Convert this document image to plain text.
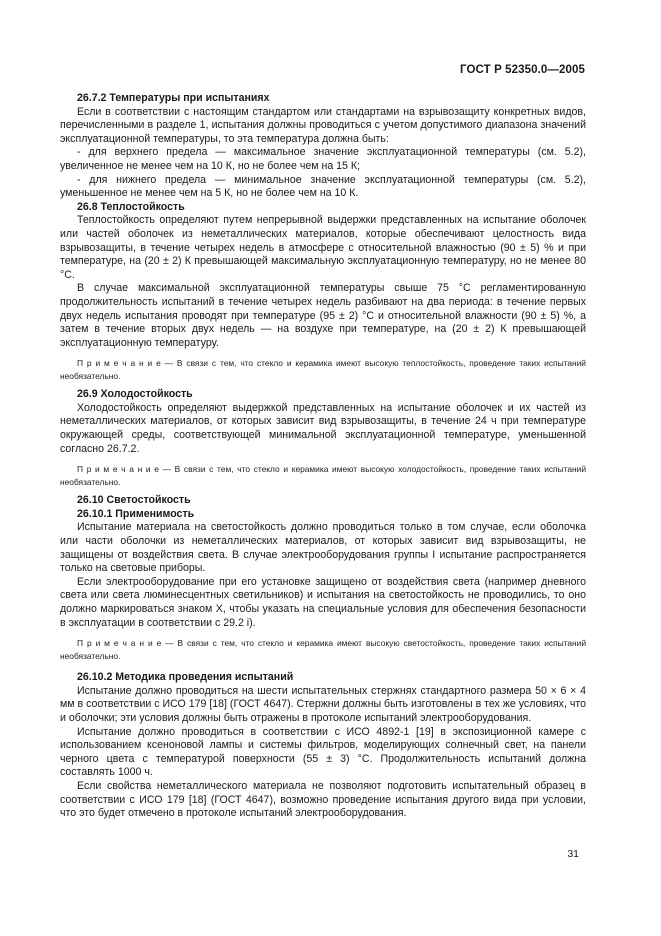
ГОСТ Р 52350.0—2005

26.7.2 Температуры при испытаниях

Если в соответствии с настоящим стандартом или стандартами на взрывозащиту конкретных видов, перечисленными в разделе 1, испытания должны проводиться с учетом допустимого диапазона значений эксплуатационной температуры, то эта температура должна быть:

- для верхнего предела — максимальное значение эксплуатационной температуры (см. 5.2), увеличенное не менее чем на 10 К, но не более чем на 15 К;

- для нижнего предела — минимальное значение эксплуатационной температуры (см. 5.2), уменьшенное не менее чем на 5 К, но не более чем на 10 К.

26.8 Теплостойкость

Теплостойкость определяют путем непрерывной выдержки представленных на испытание оболочек или частей оболочек из неметаллических материалов, которые обеспечивают целостность вида взрывозащиты, в течение четырех недель в атмосфере с относительной влажностью (90 ± 5) % и при температуре, на (20 ± 2) К превышающей максимальную эксплуатационную температуру, но не менее 80 °С.

В случае максимальной эксплуатационной температуры свыше 75 °С регламентированную продолжительность испытаний в течение четырех недель разбивают на два периода: в течение первых двух недель испытания проводят при температуре (95 ± 2) °С и относительной влажности (90 ± 5) %, а затем в течение вторых двух недель — на воздухе при температуре, на (20 ± 2) К превышающей эксплуатационную температуру.

П р и м е ч а н и е — В связи с тем, что стекло и керамика имеют высокую теплостойкость, проведение таких испытаний необязательно.

26.9 Холодостойкость

Холодостойкость определяют выдержкой представленных на испытание оболочек и их частей из неметаллических материалов, от которых зависит вид взрывозащиты, в течение 24 ч при температуре окружающей среды, соответствующей минимальной эксплуатационной температуре, уменьшенной согласно 26.7.2.

П р и м е ч а н и е — В связи с тем, что стекло и керамика имеют высокую холодостойкость, проведение таких испытаний необязательно.

26.10 Светостойкость

26.10.1 Применимость

Испытание материала на светостойкость должно проводиться только в том случае, если оболочка или части оболочки из неметаллических материалов, от которых зависит вид взрывозащиты, не защищены от воздействия света. В случае электрооборудования группы I испытание распространяется только на световые приборы.

Если электрооборудование при его установке защищено от воздействия света (например дневного света или света люминесцентных светильников) и испытания на светостойкость не проводились, то оно должно маркироваться знаком X, чтобы указать на специальные условия для обеспечения безопасности в эксплуатации в соответствии с 29.2 i).

П р и м е ч а н и е — В связи с тем, что стекло и керамика имеют высокую светостойкость, проведение таких испытаний необязательно.

26.10.2 Методика проведения испытаний

Испытание должно проводиться на шести испытательных стержнях стандартного размера 50 × 6 × 4 мм в соответствии с ИСО 179 [18] (ГОСТ 4647). Стержни должны быть изготовлены в тех же условиях, что и оболочки; эти условия должны быть отражены в протоколе испытаний электрооборудования.

Испытание должно проводиться в соответствии с ИСО 4892-1 [19] в экспозиционной камере с использованием ксеноновой лампы и системы фильтров, моделирующих солнечный свет, на панели черного цвета с температурой поверхности (55 ± 3) °С. Продолжительность испытаний должна составлять 1000 ч.

Если свойства неметаллического материала не позволяют подготовить испытательный образец в соответствии с ИСО 179 [18] (ГОСТ 4647), возможно проведение испытания другого вида при условии, что это будет отмечено в протоколе испытаний электрооборудования.

31
